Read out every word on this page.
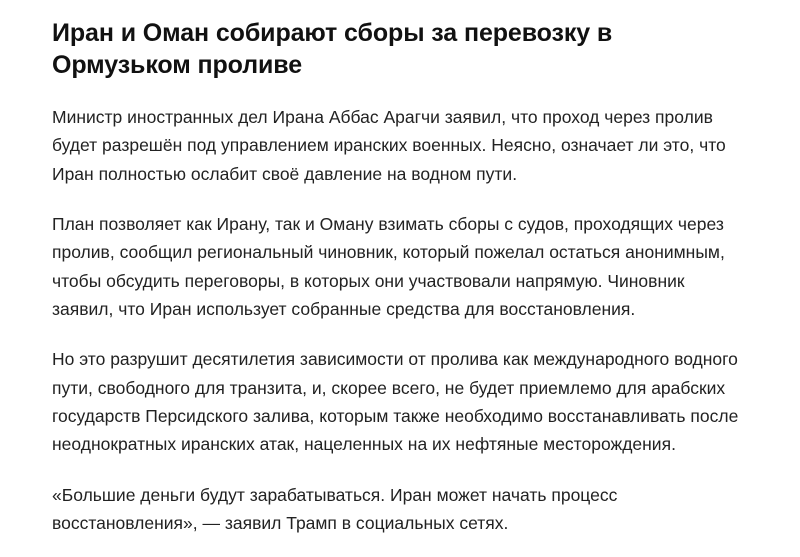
Иран и Оман собирают сборы за перевозку в Ормузьком проливе

Министр иностранных дел Ирана Аббас Арагчи заявил, что проход через пролив будет разрешён под управлением иранских военных. Неясно, означает ли это, что Иран полностью ослабит своё давление на водном пути.

План позволяет как Ирану, так и Оману взимать сборы с судов, проходящих через пролив, сообщил региональный чиновник, который пожелал остаться анонимным, чтобы обсудить переговоры, в которых они участвовали напрямую. Чиновник заявил, что Иран использует собранные средства для восстановления.

Но это разрушит десятилетия зависимости от пролива как международного водного пути, свободного для транзита, и, скорее всего, не будет приемлемо для арабских государств Персидского залива, которым также необходимо восстанавливать после неоднократных иранских атак, нацеленных на их нефтяные месторождения.

«Большие деньги будут зарабатываться. Иран может начать процесс восстановления», — заявил Трамп в социальных сетях.
